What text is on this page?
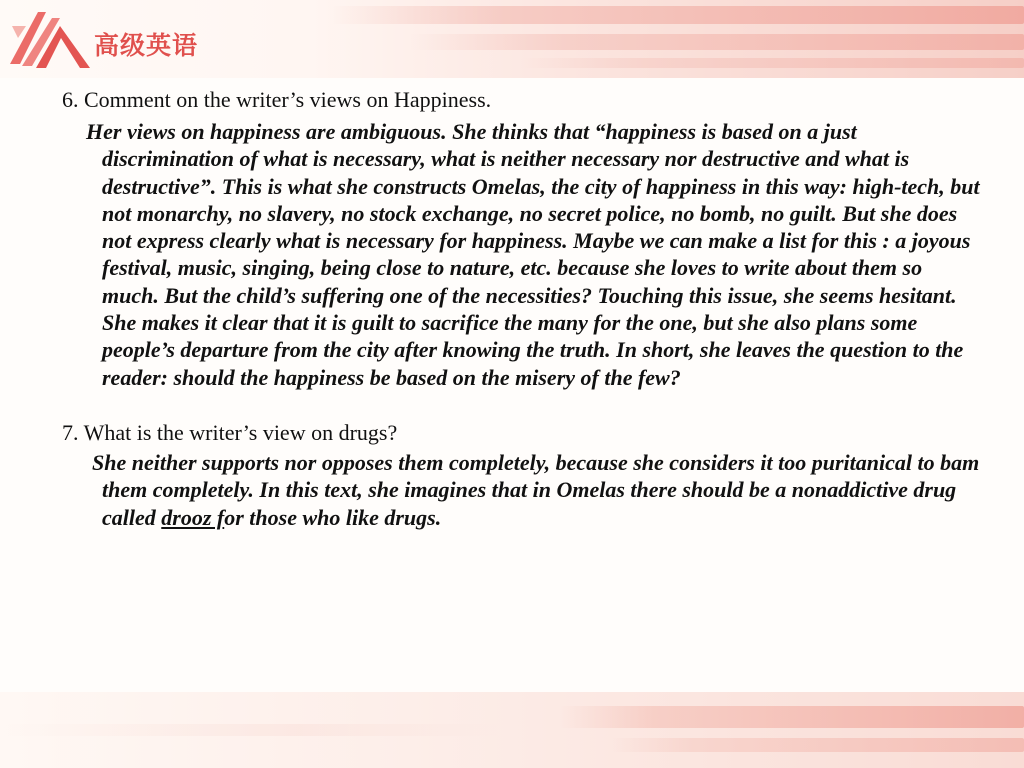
高级英语

6. Comment on the writer’s views on Happiness.

Her views on happiness are ambiguous. She thinks that “happiness is based on a just discrimination of what is necessary, what is neither necessary nor destructive and what is destructive”. This is what she constructs Omelas, the city of happiness in this way: high-tech, but not monarchy, no slavery, no stock exchange, no secret police, no bomb, no guilt. But she does not express clearly what is necessary for happiness. Maybe we can make a list for this : a joyous festival, music, singing, being close to nature, etc. because she loves to write about them so much. But the child’s suffering one of the necessities? Touching this issue, she seems hesitant. She makes it clear that it is guilt to sacrifice the many for the one, but she also plans some people’s departure from the city after knowing the truth. In short, she leaves the question to the reader: should the happiness be based on the misery of the few?

7. What is the writer’s view on drugs?

She neither supports nor opposes them completely, because she considers it too puritanical to bam them completely. In this text, she imagines that in Omelas there should be a nonaddictive drug called drooz for those who like drugs.
